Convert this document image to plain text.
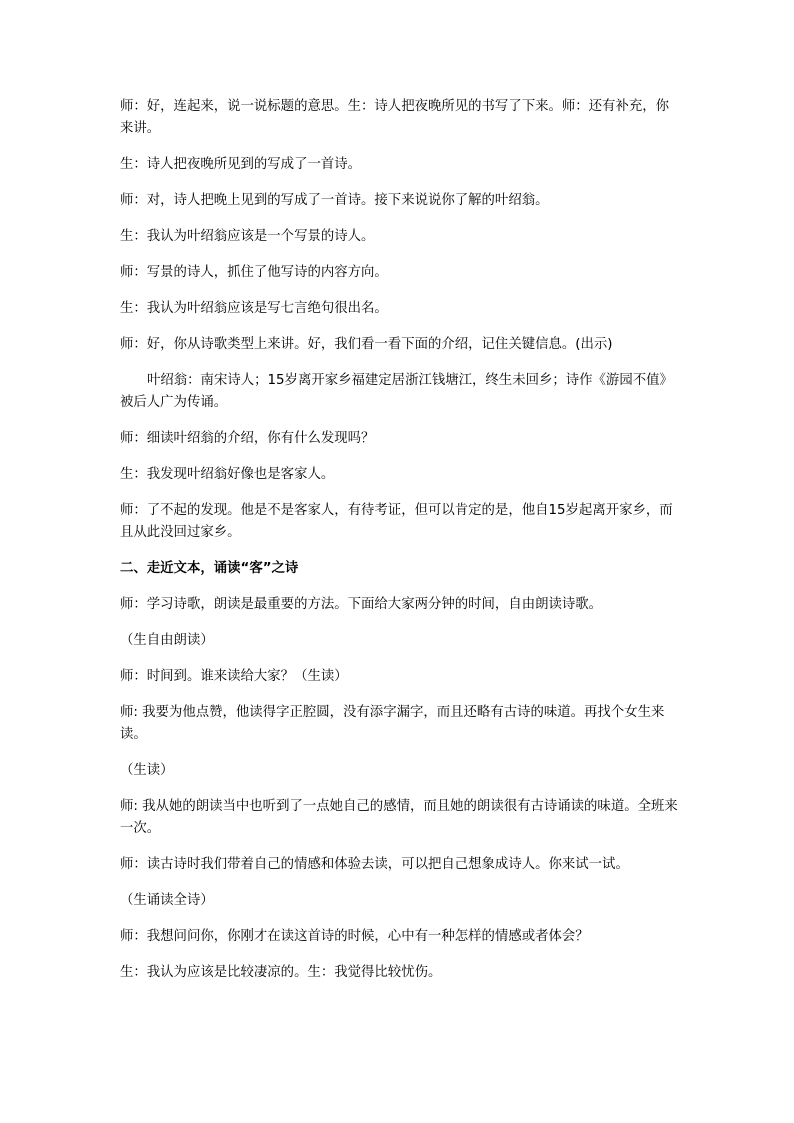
师：好，连起来，说一说标题的意思。生：诗人把夜晚所见的书写了下来。师：还有补充，你来讲。

生：诗人把夜晚所见到的写成了一首诗。

师：对，诗人把晚上见到的写成了一首诗。接下来说说你了解的叶绍翁。

生：我认为叶绍翁应该是一个写景的诗人。

师：写景的诗人，抓住了他写诗的内容方向。

生：我认为叶绍翁应该是写七言绝句很出名。

师：好，你从诗歌类型上来讲。好，我们看一看下面的介绍，记住关键信息。(出示)

叶绍翁：南宋诗人；15岁离开家乡福建定居浙江钱塘江，终生未回乡；诗作《游园不值》被后人广为传诵。

师：细读叶绍翁的介绍，你有什么发现吗？

生：我发现叶绍翁好像也是客家人。

师：了不起的发现。他是不是客家人，有待考证，但可以肯定的是，他自15岁起离开家乡，而且从此没回过家乡。

二、走近文本，诵读“客”之诗

师：学习诗歌，朗读是最重要的方法。下面给大家两分钟的时间，自由朗读诗歌。

（生自由朗读）

师：时间到。谁来读给大家？（生读）

师: 我要为他点赞，他读得字正腔圆，没有添字漏字，而且还略有古诗的味道。再找个女生来读。

（生读）

师: 我从她的朗读当中也听到了一点她自己的感情，而且她的朗读很有古诗诵读的味道。全班来一次。

师：读古诗时我们带着自己的情感和体验去读，可以把自己想象成诗人。你来试一试。

（生诵读全诗）

师：我想问问你，你刚才在读这首诗的时候，心中有一种怎样的情感或者体会？

生：我认为应该是比较凄凉的。生：我觉得比较忧伤。
